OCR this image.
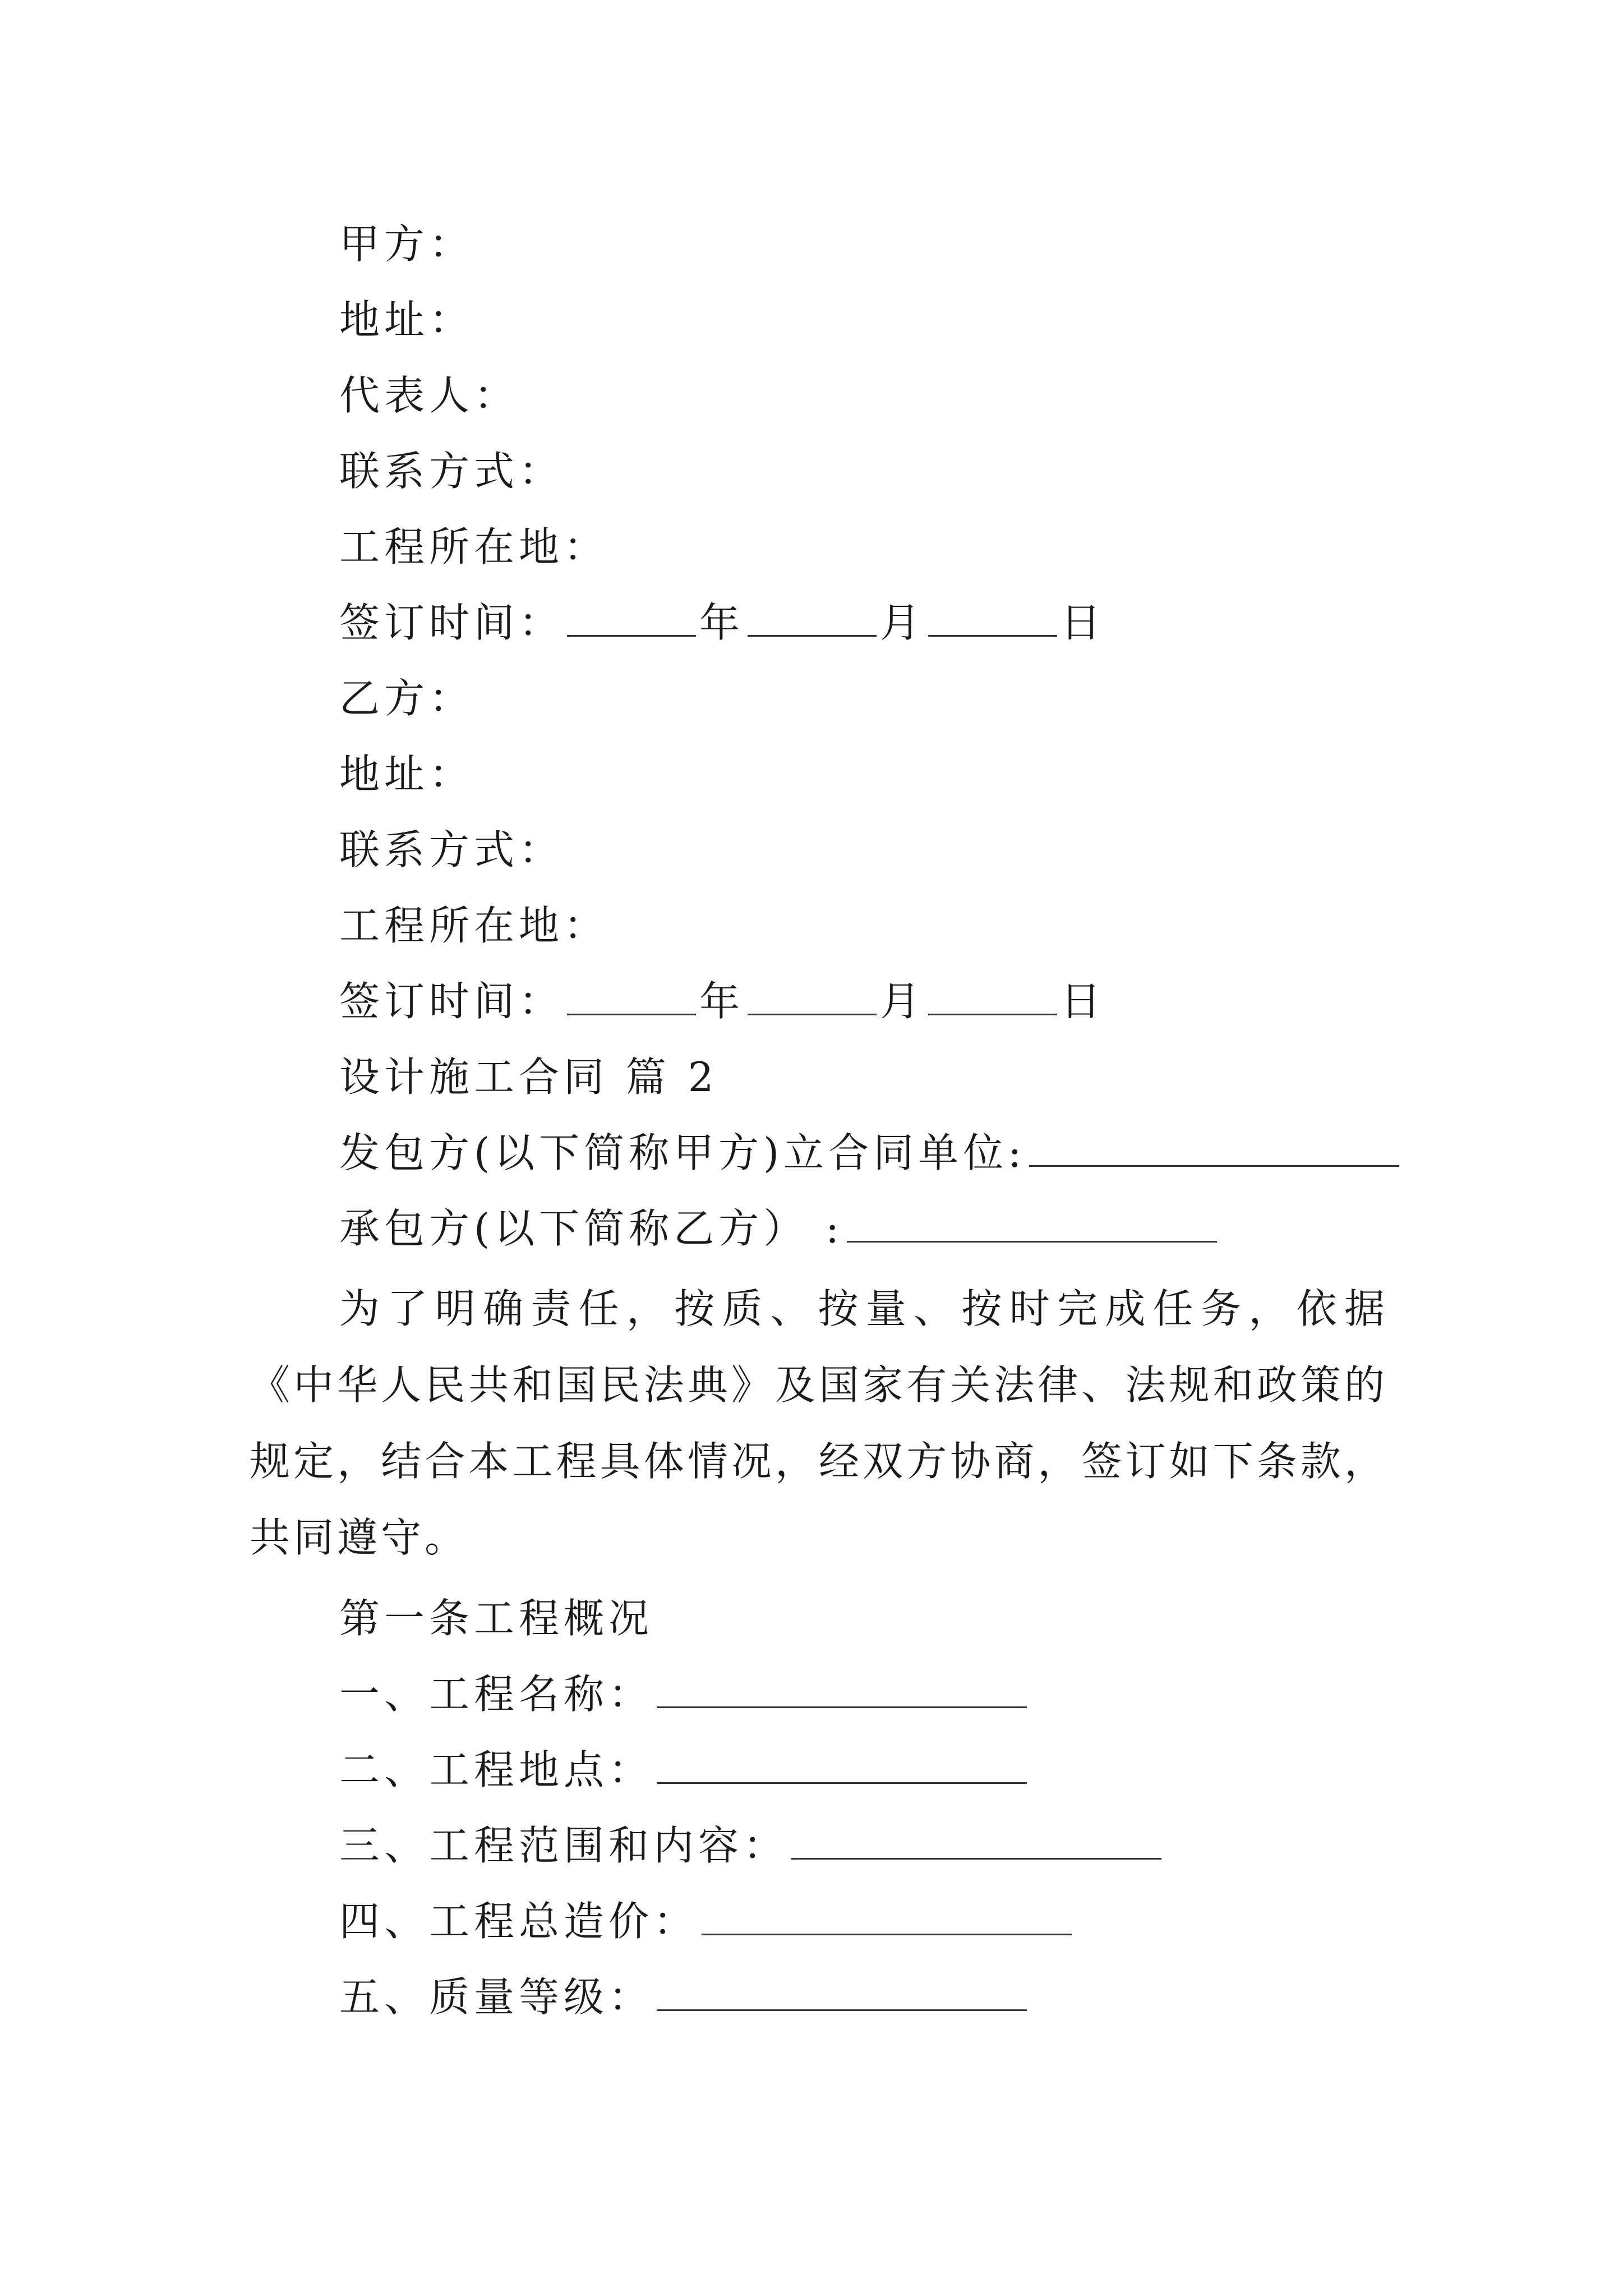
甲方：
地址：
代表人：
联系方式：
工程所在地：
签订时间：	年	月	日
乙方：
地址：
联系方式：
工程所在地：
签订时间：	年	月	日
设计施工合同 篇 2
发包方(以下简称甲方)立合同单位:
承包方(以下简称乙方） :
为了明确责任，按质、按量、按时完成任务，依据《中华人民共和国民法典》及国家有关法律、法规和政策的规定，结合本工程具体情况，经双方协商，签订如下条款，共同遵守。
第一条工程概况
一、工程名称：
二、工程地点：
三、工程范围和内容：
四、工程总造价：
五、质量等级：
